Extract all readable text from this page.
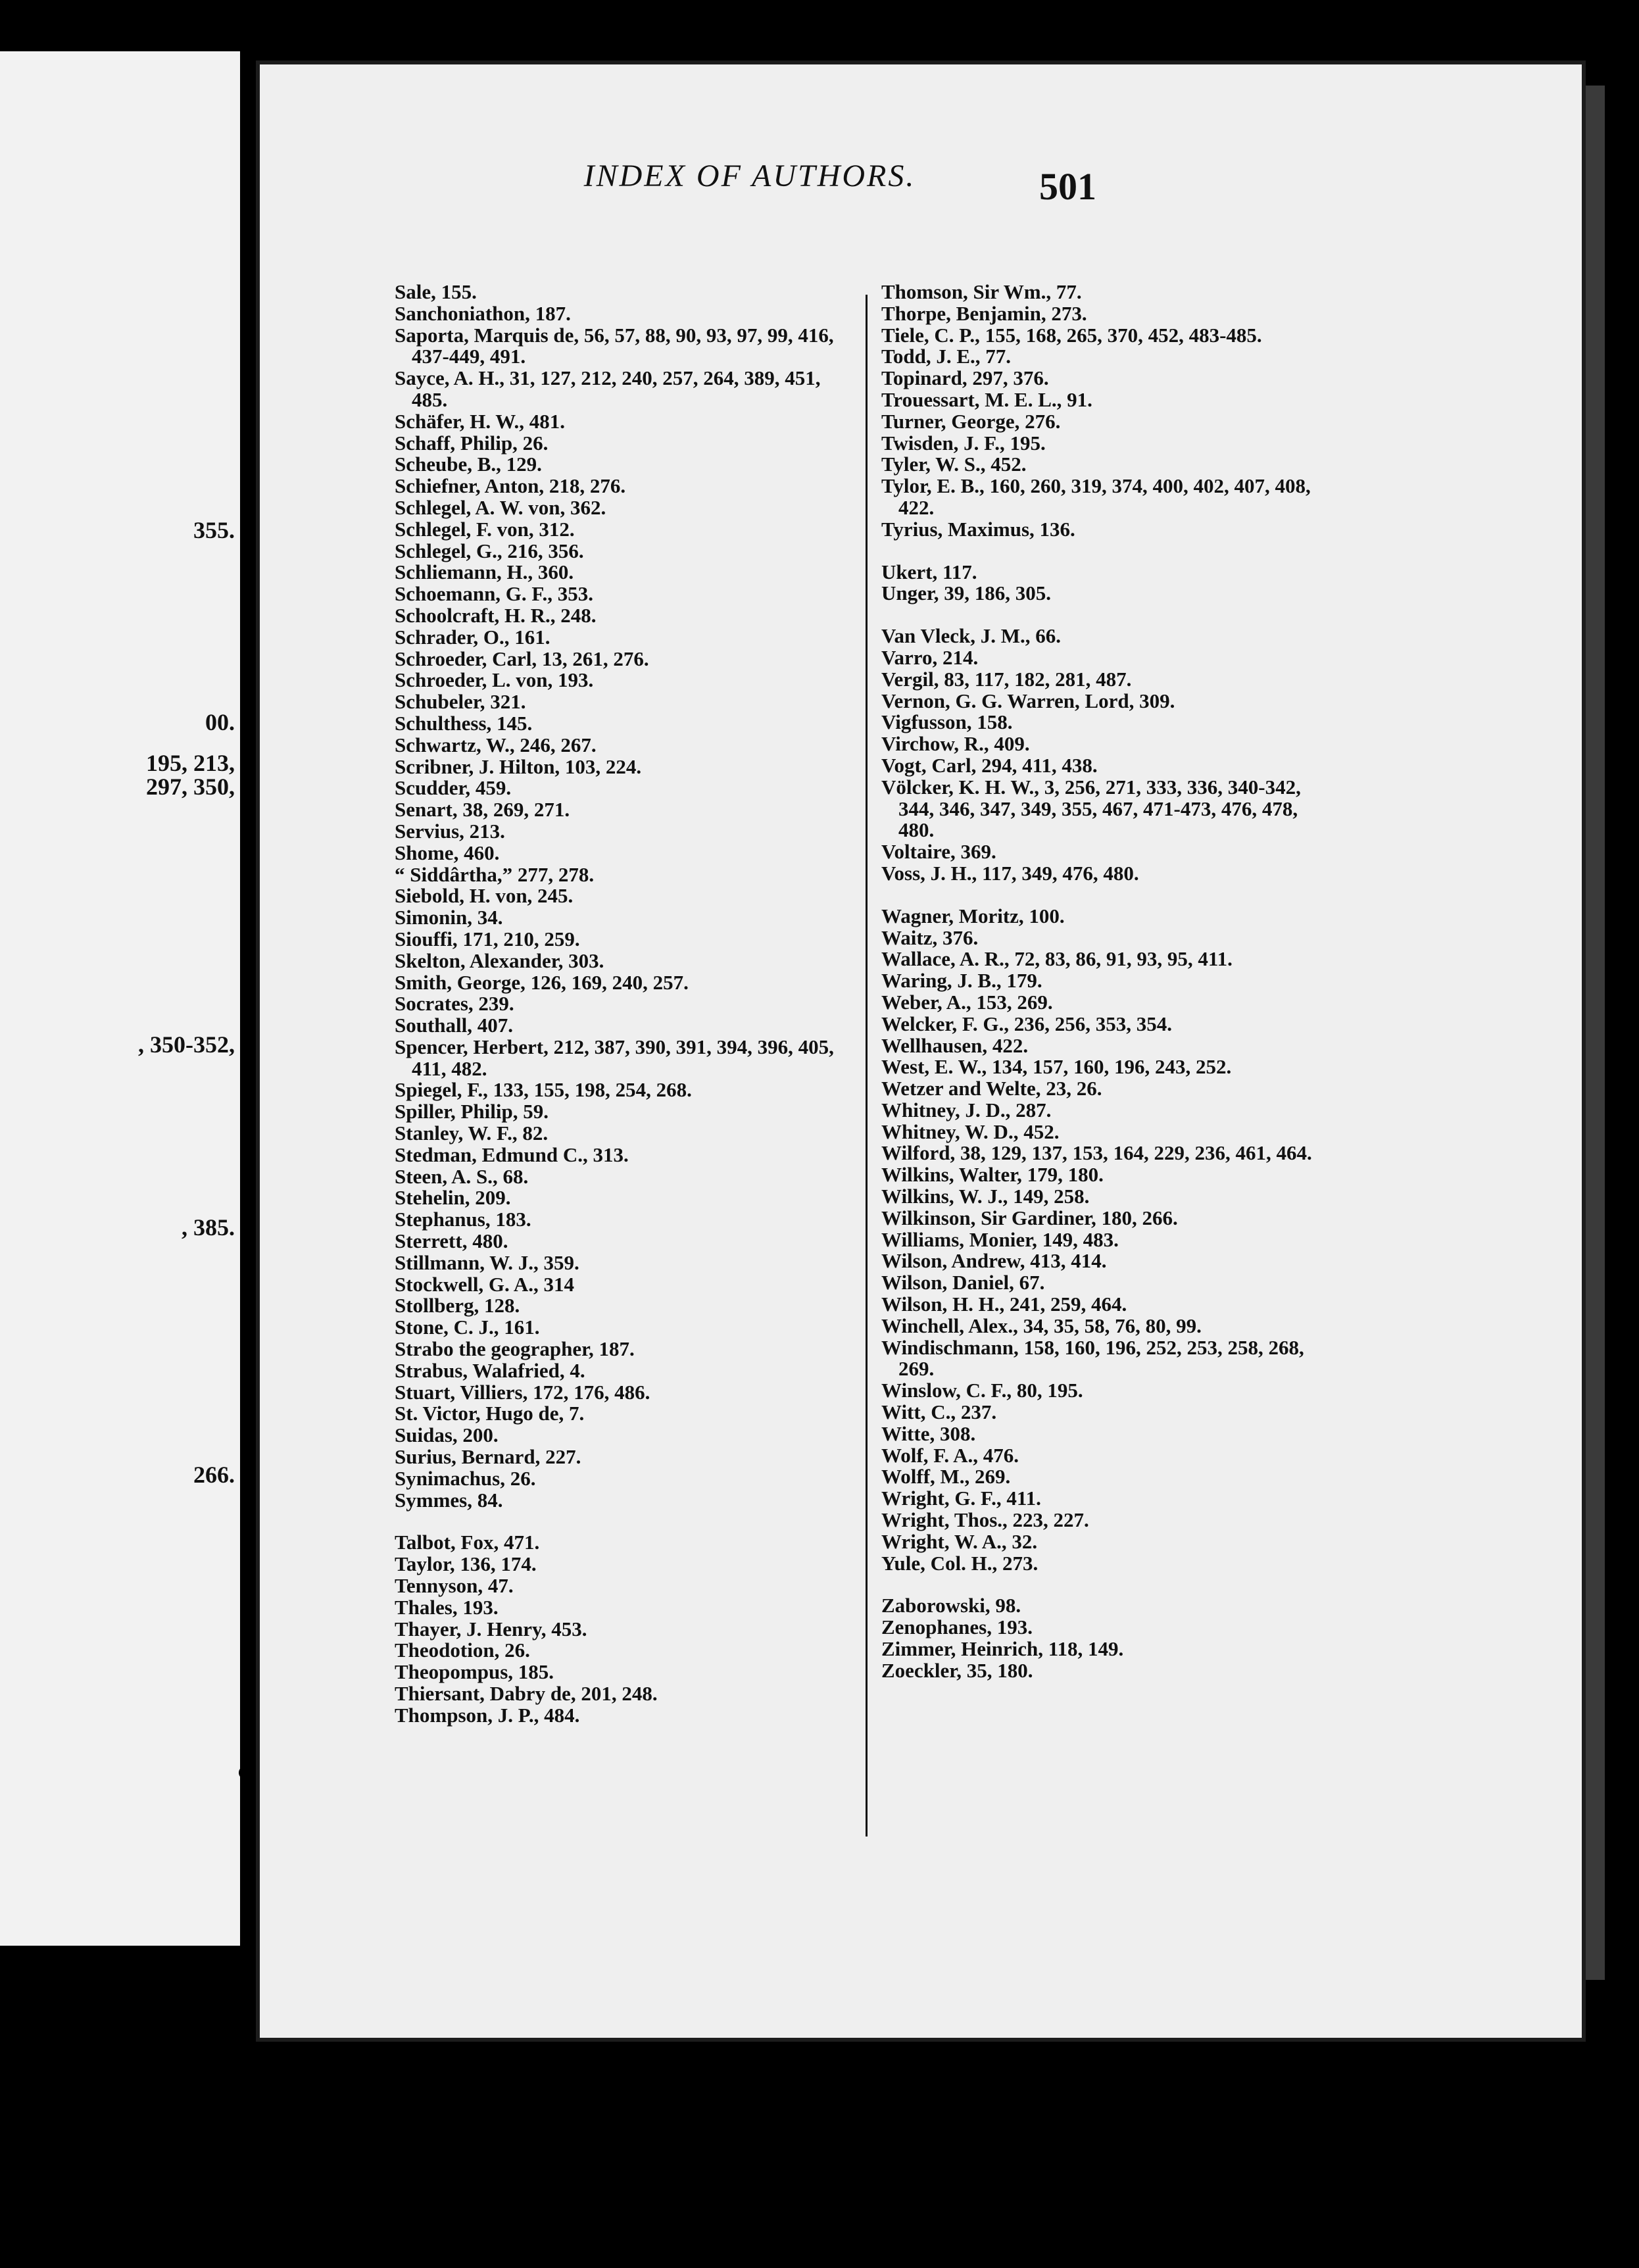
355.
00.
195, 213,
297, 350,
, 350-352,
, 385.
266.
INDEX OF AUTHORS.	501
Sale, 155.
Sanchoniathon, 187.
Saporta, Marquis de, 56, 57, 88, 90, 93, 97, 99, 416, 437-449, 491.
Sayce, A. H., 31, 127, 212, 240, 257, 264, 389, 451, 485.
Schäfer, H. W., 481.
Schaff, Philip, 26.
Scheube, B., 129.
Schiefner, Anton, 218, 276.
Schlegel, A. W. von, 362.
Schlegel, F. von, 312.
Schlegel, G., 216, 356.
Schliemann, H., 360.
Schoemann, G. F., 353.
Schoolcraft, H. R., 248.
Schrader, O., 161.
Schroeder, Carl, 13, 261, 276.
Schroeder, L. von, 193.
Schubeler, 321.
Schulthess, 145.
Schwartz, W., 246, 267.
Scribner, J. Hilton, 103, 224.
Scudder, 459.
Senart, 38, 269, 271.
Servius, 213.
Shome, 460.
“ Siddârtha,” 277, 278.
Siebold, H. von, 245.
Simonin, 34.
Siouffi, 171, 210, 259.
Skelton, Alexander, 303.
Smith, George, 126, 169, 240, 257.
Socrates, 239.
Southall, 407.
Spencer, Herbert, 212, 387, 390, 391, 394, 396, 405, 411, 482.
Spiegel, F., 133, 155, 198, 254, 268.
Spiller, Philip, 59.
Stanley, W. F., 82.
Stedman, Edmund C., 313.
Steen, A. S., 68.
Stehelin, 209.
Stephanus, 183.
Sterrett, 480.
Stillmann, W. J., 359.
Stockwell, G. A., 314
Stollberg, 128.
Stone, C. J., 161.
Strabo the geographer, 187.
Strabus, Walafried, 4.
Stuart, Villiers, 172, 176, 486.
St. Victor, Hugo de, 7.
Suidas, 200.
Surius, Bernard, 227.
Synimachus, 26.
Symmes, 84.
Talbot, Fox, 471.
Taylor, 136, 174.
Tennyson, 47.
Thales, 193.
Thayer, J. Henry, 453.
Theodotion, 26.
Theopompus, 185.
Thiersant, Dabry de, 201, 248.
Thompson, J. P., 484.
Thomson, Sir Wm., 77.
Thorpe, Benjamin, 273.
Tiele, C. P., 155, 168, 265, 370, 452, 483-485.
Todd, J. E., 77.
Topinard, 297, 376.
Trouessart, M. E. L., 91.
Turner, George, 276.
Twisden, J. F., 195.
Tyler, W. S., 452.
Tylor, E. B., 160, 260, 319, 374, 400, 402, 407, 408, 422.
Tyrius, Maximus, 136.
Ukert, 117.
Unger, 39, 186, 305.
Van Vleck, J. M., 66.
Varro, 214.
Vergil, 83, 117, 182, 281, 487.
Vernon, G. G. Warren, Lord, 309.
Vigfusson, 158.
Virchow, R., 409.
Vogt, Carl, 294, 411, 438.
Völcker, K. H. W., 3, 256, 271, 333, 336, 340-342, 344, 346, 347, 349, 355, 467, 471-473, 476, 478, 480.
Voltaire, 369.
Voss, J. H., 117, 349, 476, 480.
Wagner, Moritz, 100.
Waitz, 376.
Wallace, A. R., 72, 83, 86, 91, 93, 95, 411.
Waring, J. B., 179.
Weber, A., 153, 269.
Welcker, F. G., 236, 256, 353, 354.
Wellhausen, 422.
West, E. W., 134, 157, 160, 196, 243, 252.
Wetzer and Welte, 23, 26.
Whitney, J. D., 287.
Whitney, W. D., 452.
Wilford, 38, 129, 137, 153, 164, 229, 236, 461, 464.
Wilkins, Walter, 179, 180.
Wilkins, W. J., 149, 258.
Wilkinson, Sir Gardiner, 180, 266.
Williams, Monier, 149, 483.
Wilson, Andrew, 413, 414.
Wilson, Daniel, 67.
Wilson, H. H., 241, 259, 464.
Winchell, Alex., 34, 35, 58, 76, 80, 99.
Windischmann, 158, 160, 196, 252, 253, 258, 268, 269.
Winslow, C. F., 80, 195.
Witt, C., 237.
Witte, 308.
Wolf, F. A., 476.
Wolff, M., 269.
Wright, G. F., 411.
Wright, Thos., 223, 227.
Wright, W. A., 32.
Yule, Col. H., 273.
Zaborowski, 98.
Zenophanes, 193.
Zimmer, Heinrich, 118, 149.
Zoeckler, 35, 180.
